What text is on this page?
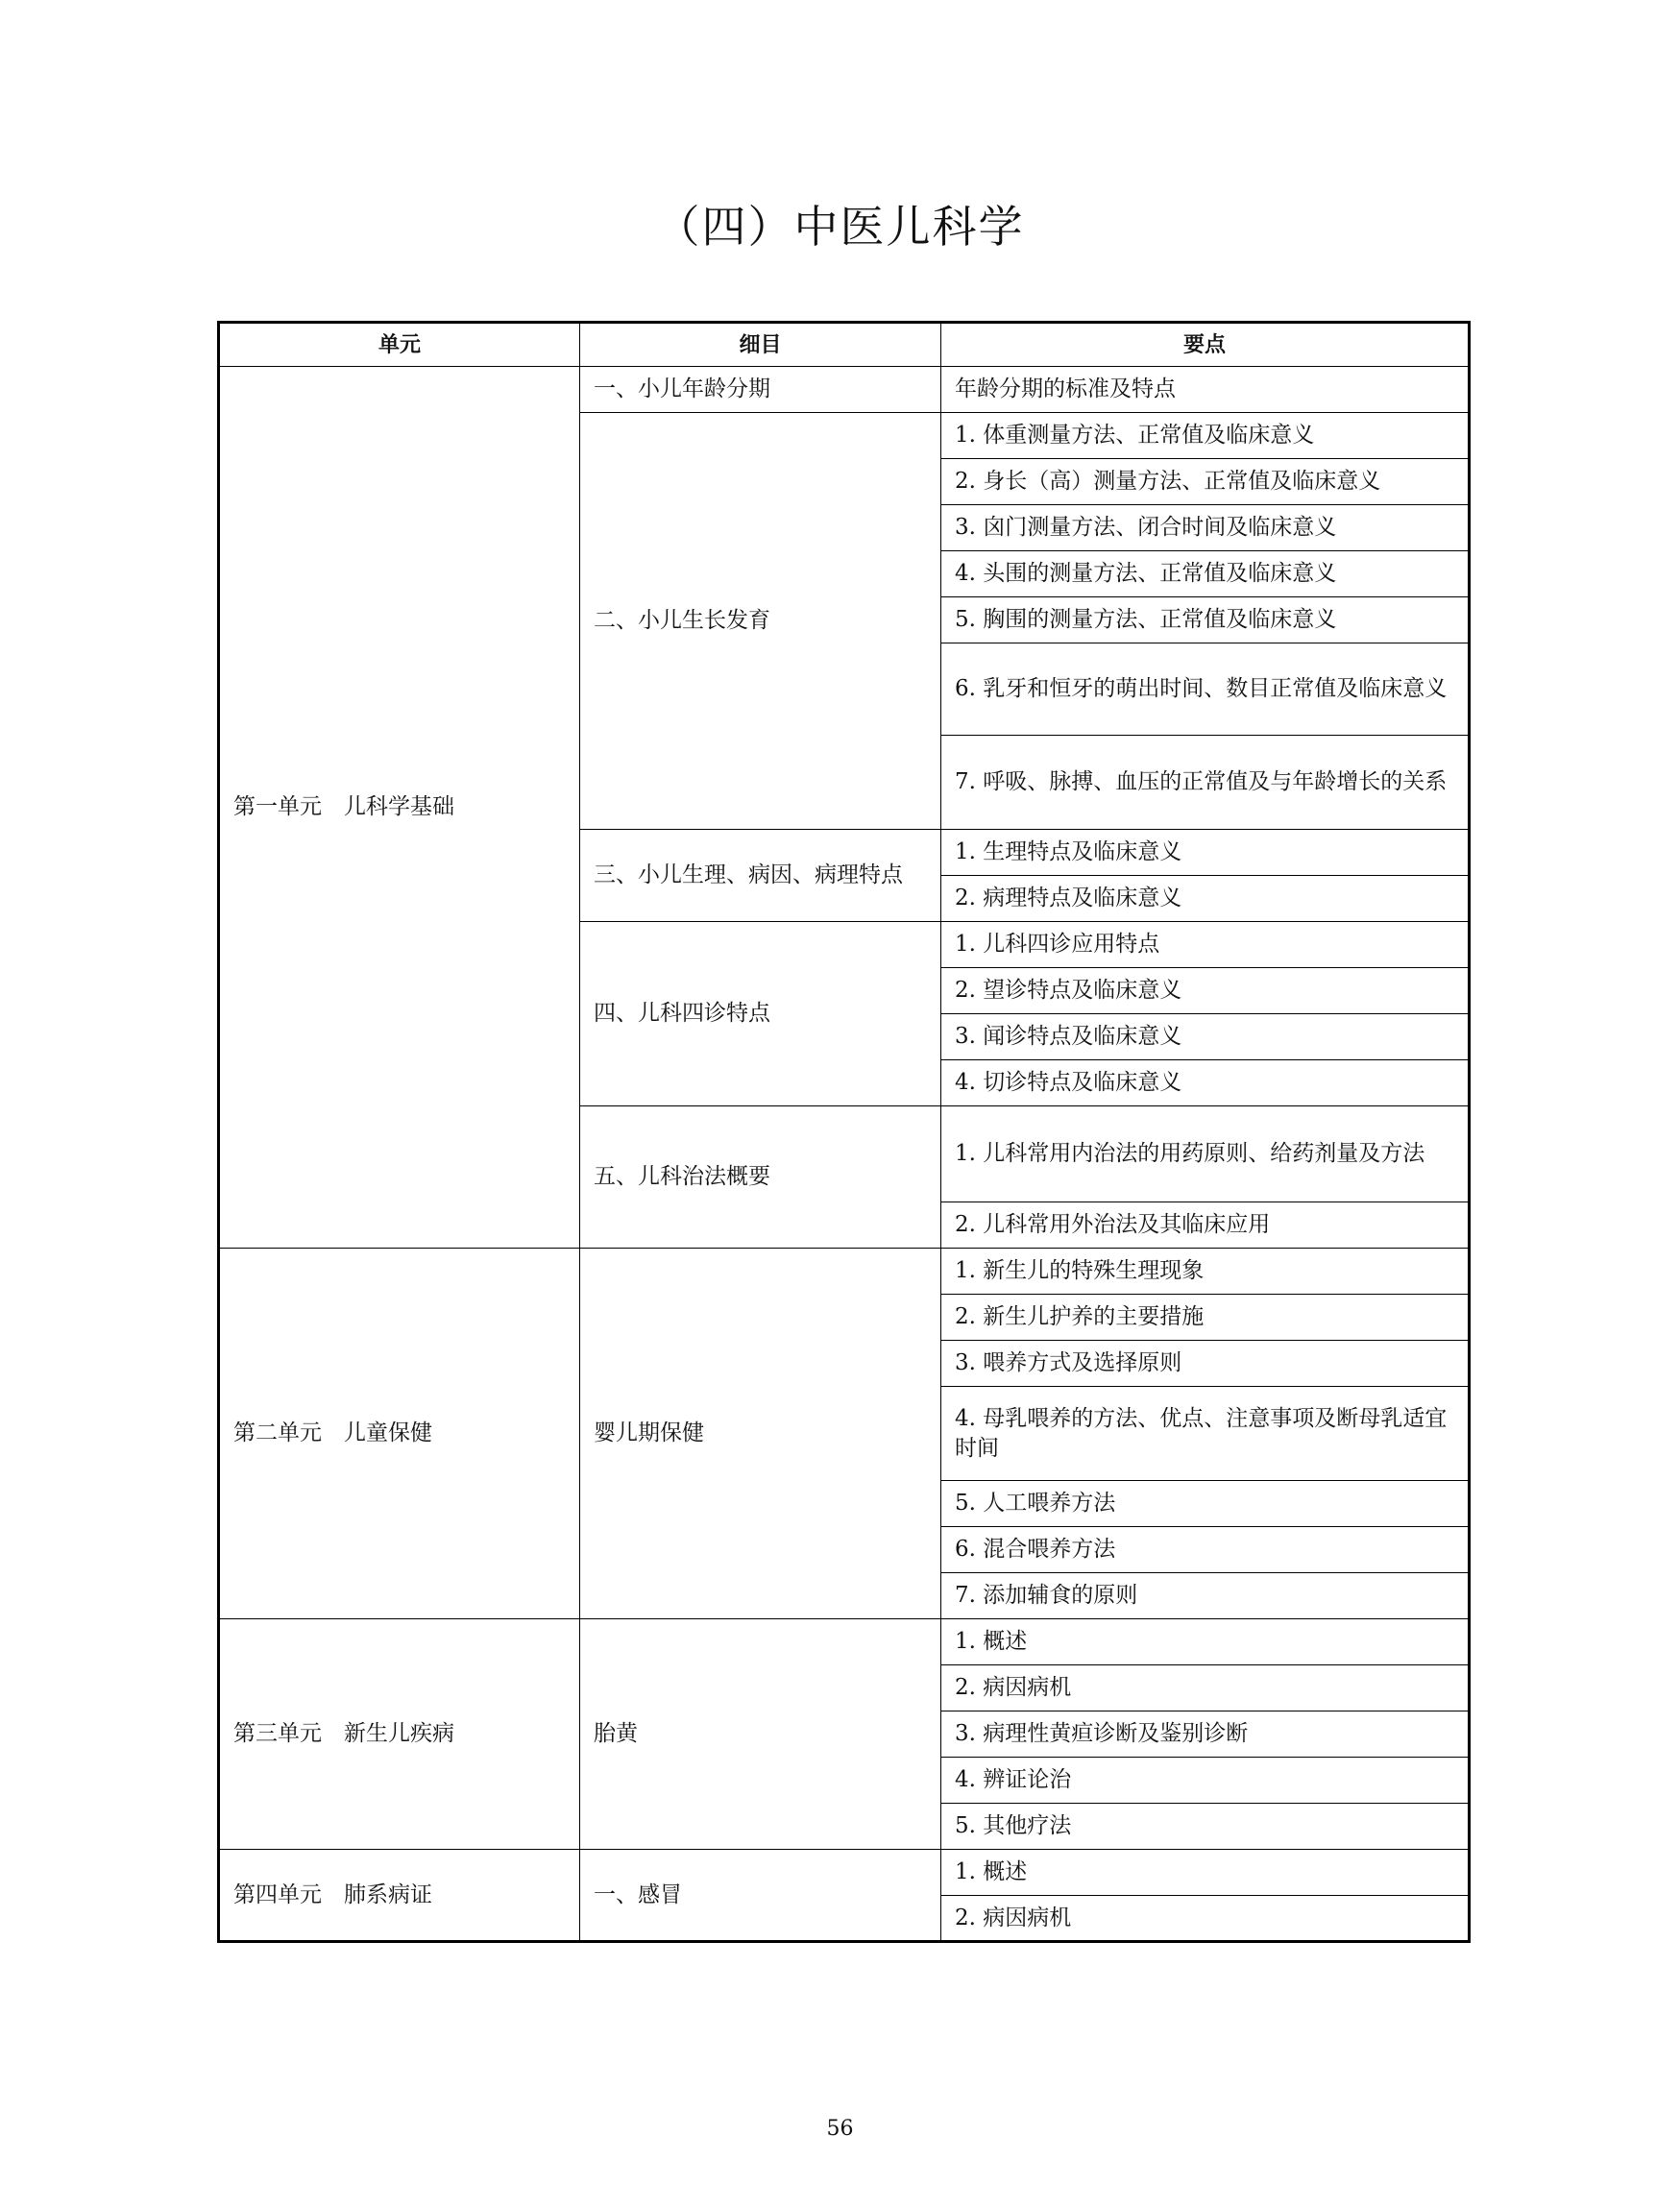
（四）中医儿科学
单元	细目	要点
第一单元　儿科学基础	一、小儿年龄分期	年龄分期的标准及特点
	二、小儿生长发育	1. 体重测量方法、正常值及临床意义
		2. 身长（高）测量方法、正常值及临床意义
		3. 囟门测量方法、闭合时间及临床意义
		4. 头围的测量方法、正常值及临床意义
		5. 胸围的测量方法、正常值及临床意义
		6. 乳牙和恒牙的萌出时间、数目正常值及临床意义
		7. 呼吸、脉搏、血压的正常值及与年龄增长的关系
	三、小儿生理、病因、病理特点	1. 生理特点及临床意义
		2. 病理特点及临床意义
	四、儿科四诊特点	1. 儿科四诊应用特点
		2. 望诊特点及临床意义
		3. 闻诊特点及临床意义
		4. 切诊特点及临床意义
	五、儿科治法概要	1. 儿科常用内治法的用药原则、给药剂量及方法
		2. 儿科常用外治法及其临床应用
第二单元　儿童保健	婴儿期保健	1. 新生儿的特殊生理现象
		2. 新生儿护养的主要措施
		3. 喂养方式及选择原则
		4. 母乳喂养的方法、优点、注意事项及断母乳适宜时间
		5. 人工喂养方法
		6. 混合喂养方法
		7. 添加辅食的原则
第三单元　新生儿疾病	胎黄	1. 概述
		2. 病因病机
		3. 病理性黄疸诊断及鉴别诊断
		4. 辨证论治
		5. 其他疗法
第四单元　肺系病证	一、感冒	1. 概述
		2. 病因病机
56
